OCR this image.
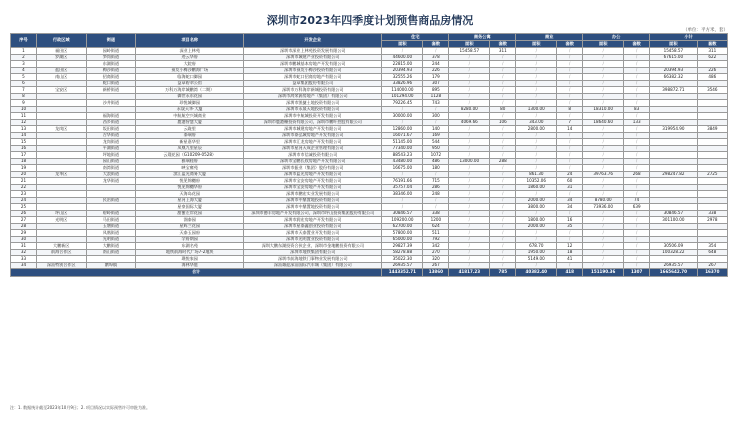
深圳市2023年四季度计划预售商品房情况
（单位：平方米，套）
序号	行政区域	街道	项目名称	开发企业	住宅		商务公寓		商业		办公		小计	
					面积	套数	面积	套数	面积	套数	面积	套数	面积	套数
1	福田区	园岭街道	深业上林苑	深圳市深业上林苑投资发展有限公司	/	/	15458.57	311	/	/	/	/	15458.57	311
2	罗湖区	笋岗街道	迹云华府	深圳市城建产业投资有限公司	44600.00	378	/	/	/	/	/	/	67615.00	622
3		东湖街道	大院府	深圳市鹏城基本房地产开发有限公司	22815.00	244	/	/	/	/	/	/		
4	盐田区	梅沙街道	预发小梅沙鹏海广场	深圳市预发小梅沙投资有限公司	20394.93	226	/	/	/	/	/	/	20394.93	226
5	南山区	招商街道	临海蛇口御园	深圳市蛇口招商房地产有限公司	32555.26	179	/	/	/	/	/	/	66382.32	486
6		蛇口街道	益章碧翠公馆	益章集团股份有限公司	33826.96	307	/	/	/	/	/	/		
7	宝安区	新桥街道	万科万海岸城鹏湾（二期）	深圳市万科海岸新城投资有限公司	114000.00	895	/	/	/	/	/	/	398872.71	3546
8			御世永东花园	深圳市鸿荣源房地产（集团）有限公司	101294.00	1128	/	/	/	/	/	/		
9		沙井街道	珍悦城御园	深圳市凯捷土地投资有限公司	79226.45	743	/	/	/	/	/	/		
10			永晟天华·大厦	深圳市永晟天地投资有限公司	/	/	8280.00	80	1300.00	8	18310.00	83		
11		福海街道	中航航空兴城商业	深圳市中航城投资开发有限公司	30000.00	300	/	/	/	/	/	/		
12		西乡街道	鹿港智慧大厦	深圳市鹿港栅投资有限公司，深圳市鹏叶控股有限公司	/	/	4069.66	106	343.00	7	18640.60	133		
13	龙岗区	坂田街道	云珑里	深圳市城建房地产开发有限公司	12860.00	140	/	/	2800.00	14	/	/	319954.90	3849
14		吉华街道	泰瑞府	深圳市泰弘城房地产开发有限公司	16071.67	169	/	/	/	/	/	/		
15		龙岗街道	新星嘉华里	深圳市汇龙房地产开发有限公司	51145.00	544	/	/	/	/	/	/		
16		平湖街道	凤凰九里星辰	深圳市星河天成企业管理有限公司	77340.00	950	/	/	/	/	/	/		
17		坪地街道	云璟花园（G10209-0528）	深圳市市信诚投资有限公司	88543.23	1072	/	/	/	/	/	/		
18		园山街道	雅瑞桂府	深圳市宝鹏长欣房地产开发有限公司	43480.00	486	13000.00	288	/	/	/	/		
19		南湾街道	映宝雍苑	深圳市振业（集团）股份有限公司	16675.00	180	/	/	/	/	/	/		
20	龙华区	大浪街道	滨江蓝光商务大厦	深圳市蓝光房地产开发有限公司	/	/	/	/	861.30	24	39763.76	268	298247.82	2725
21		龙华街道	悦见锦樾府	深圳市宝安房地产开发有限公司	76191.66	715	/	/	10352.06	60	/	/		
22			悦见锦樾华府	深圳市宝安房地产开发有限公司	35757.04	286	/	/	1860.00	31	/	/		
23			天海岛花园	深圳市鹏宏实业发展有限公司	38346.00	248	/	/	/	/	/	/		
24		民治街道	星河上海大厦	深圳市中鼎置地投资有限公司	/	/	/	/	2000.00	34	8780.00	74		
25			星豪国际大厦	深圳市中鼎置地投资有限公司	/	/	/	/	3800.00	34	73936.00	639		
26	坪山区	碧岭街道	甜蜜左岸花园	深圳市德丰房地产开发有限公司，深圳市坪山投资集团股份有限公司	30846.57	338	/	/	/	/	/	/	30846.57	338
27	光明区	马田街道	润泰园	深圳市润宏房地产开发有限公司	109200.00	1200	/	/	1800.00	16	/	/	301100.00	2978
28		玉塘街道	星辉兰花园	深圳市星泰鑫创业投资有限公司	62700.00	624	/	/	2000.00	35	/	/		
29		凤凰街道	天泰玉园府	深圳市天泰置业开发有限公司	57800.00	511	/	/	/	/	/	/		
30		光明街道	学府朗园	深圳市光明置业投资有限公司	65000.00	792	/	/	/	/	/	/		
31	大鹏新区	大鹏街道	东湖名苑	深圳大鹏东湖投资合伙企业，深圳市金地鹏投资有限公司	29827.39	342	/	/	678.70	12	/	/	30506.09	354
32	前海合作区	南山街道	地铁前海时代广场7-2地块	深圳市地铁集团有限公司	58278.88	270	/	/	1950.00	18	/	/	100328.22	648
33			璞悦家园	深圳市前海地铁门事物业发展有限公司	35022.30	320	/	/	5149.00	41	/	/		
34	深汕特别合作区	鹅埠镇	海林华庭	深汕雄迎深汕国际汽车城（集团）有限公司	26935.57	267	/	/	/	/	/	/	26935.57	267
合计					1443352.71	13860	41817.23	785	40382.40	418	151190.36	1307	1665642.70	16370
注：1. 数据统计截至2023年10月9日；2. 项目情况以实际预售许可审批为准。
